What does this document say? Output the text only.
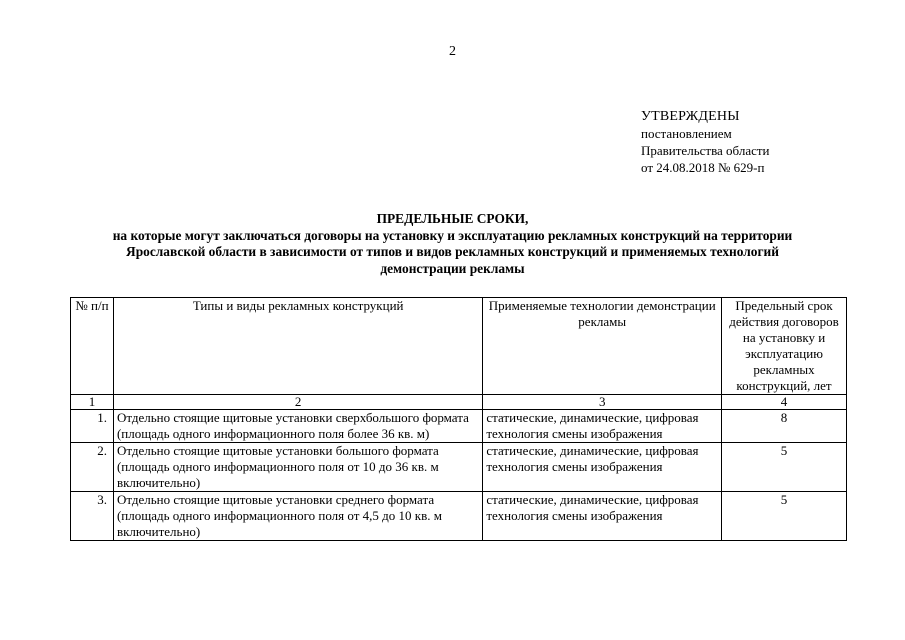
2
УТВЕРЖДЕНЫ
постановлением
Правительства области
от 24.08.2018 № 629-п
ПРЕДЕЛЬНЫЕ СРОКИ,
на которые могут заключаться договоры на установку и эксплуатацию рекламных конструкций на территории
Ярославской области в зависимости от типов и видов рекламных конструкций и применяемых технологий
демонстрации рекламы
№ п/п	Типы и виды рекламных конструкций	Применяемые технологии демонстрации рекламы	Предельный срок действия договоров на установку и эксплуатацию рекламных конструкций, лет
1	2	3	4
1.	Отдельно стоящие щитовые установки сверхбольшого формата (площадь одного информационного поля более 36 кв. м)	статические, динамические, цифровая технология смены изображения	8
2.	Отдельно стоящие щитовые установки большого формата (площадь одного информационного поля от 10 до 36 кв. м включительно)	статические, динамические, цифровая технология смены изображения	5
3.	Отдельно стоящие щитовые установки среднего формата (площадь одного информационного поля от 4,5 до 10 кв. м включительно)	статические, динамические, цифровая технология смены изображения	5
